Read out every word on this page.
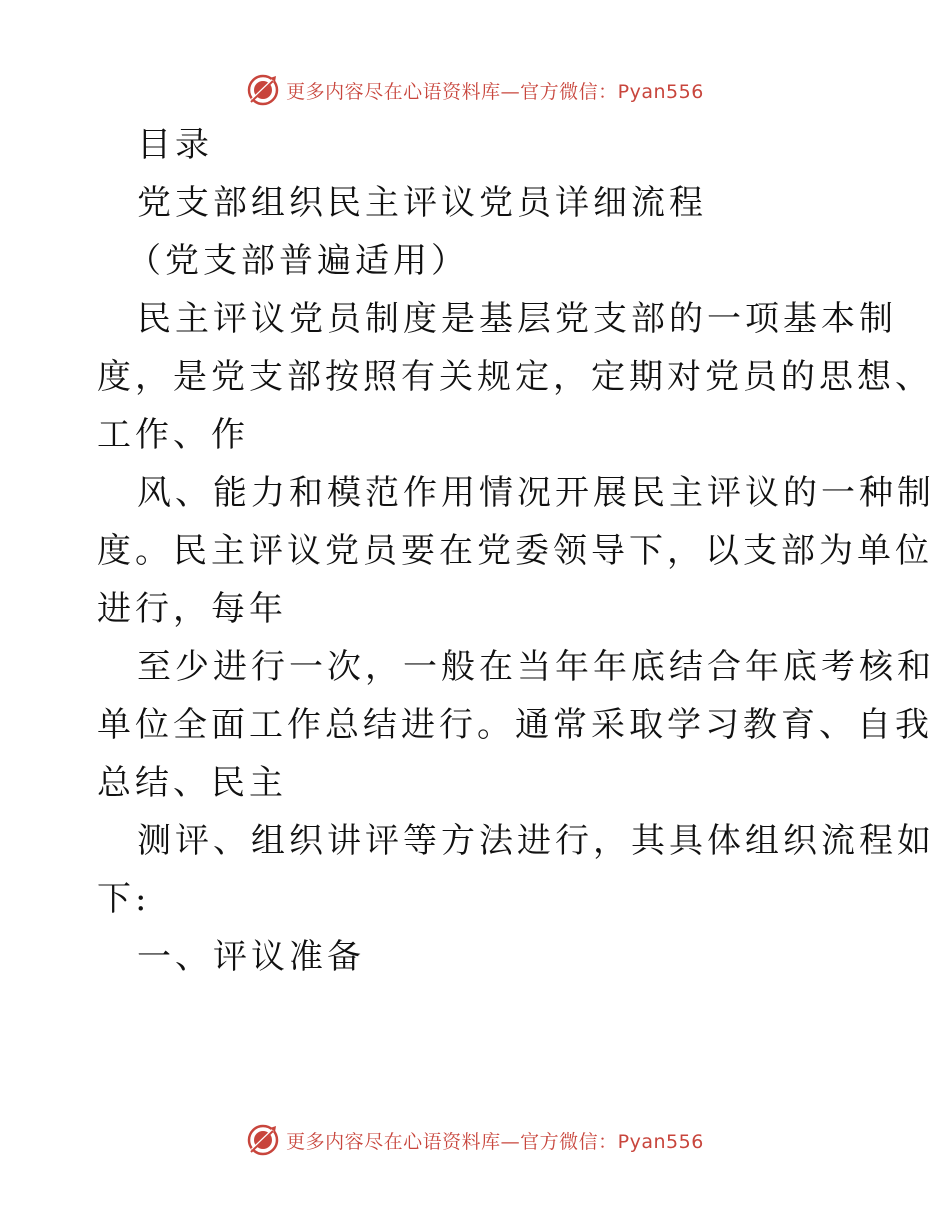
更多内容尽在心语资料库—官方微信：Pyan556
目录
党支部组织民主评议党员详细流程
（党支部普遍适用）
民主评议党员制度是基层党支部的一项基本制
度，是党支部按照有关规定，定期对党员的思想、
工作、作
风、能力和模范作用情况开展民主评议的一种制
度。民主评议党员要在党委领导下，以支部为单位
进行，每年
至少进行一次，一般在当年年底结合年底考核和
单位全面工作总结进行。通常采取学习教育、自我
总结、民主
测评、组织讲评等方法进行，其具体组织流程如
下:
一、评议准备
更多内容尽在心语资料库—官方微信：Pyan556
